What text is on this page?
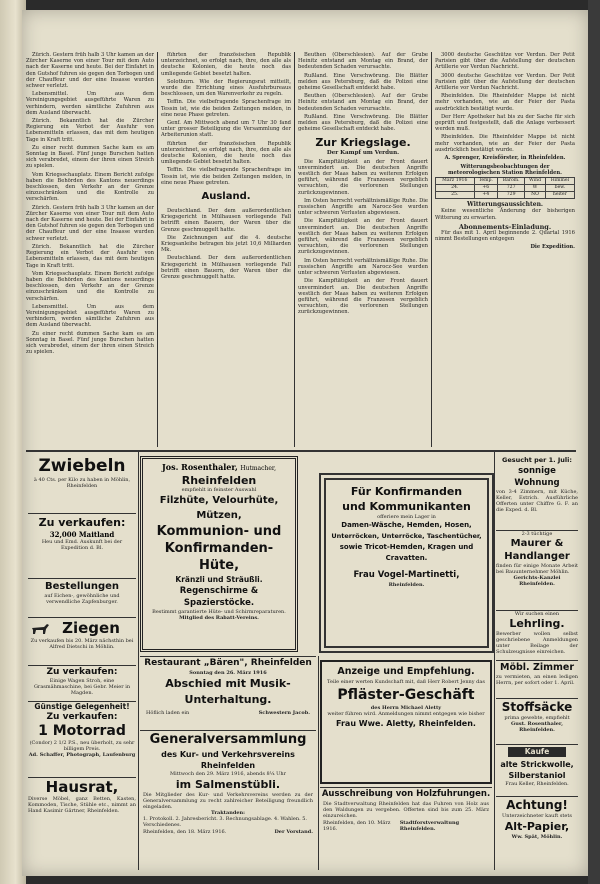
Zürich. Gestern früh halb 3 Uhr kamen an der Zürcher Kaserne von einer Tour mit dem Auto nach der Kaserne und heute. Bei der Einfahrt in den Gutshof fuhren sie gegen den Torbogen und der Chauffeur und der eine Insasse wurden schwer verletzt.

Lebensmittel. Um aus dem Vereinigungsgebiet ausgeführte Waren zu verhindern, werden sämtliche Zufuhren aus dem Ausland überwacht.

Zürich. Bekanntlich hat die Zürcher Regierung ein Verbot der Ausfuhr von Lebensmitteln erlassen, das mit dem heutigen Tage in Kraft tritt.

Zu einer recht dummen Sache kam es am Sonntag in Basel. Fünf junge Burschen hatten sich verabredet, einem der ihren einen Streich zu spielen.

Vom Kriegsschauplatz. Einem Bericht zufolge haben die Behörden des Kantons neuerdings beschlossen, den Verkehr an der Grenze einzuschränken und die Kontrolle zu verschärfen.

Zürich. Gestern früh halb 3 Uhr kamen an der Zürcher Kaserne von einer Tour mit dem Auto nach der Kaserne und heute. Bei der Einfahrt in den Gutshof fuhren sie gegen den Torbogen und der Chauffeur und der eine Insasse wurden schwer verletzt.

Zürich. Bekanntlich hat die Zürcher Regierung ein Verbot der Ausfuhr von Lebensmitteln erlassen, das mit dem heutigen Tage in Kraft tritt.

Vom Kriegsschauplatz. Einem Bericht zufolge haben die Behörden des Kantons neuerdings beschlossen, den Verkehr an der Grenze einzuschränken und die Kontrolle zu verschärfen.

Lebensmittel. Um aus dem Vereinigungsgebiet ausgeführte Waren zu verhindern, werden sämtliche Zufuhren aus dem Ausland überwacht.

Zu einer recht dummen Sache kam es am Sonntag in Basel. Fünf junge Burschen hatten sich verabredet, einem der ihren einen Streich zu spielen.

führten der französischen Republik unterzeichnet, so erfolgt nach, ihre, den alle als deutsche Kolonien, die heute noch das umliegende Gebiet besetzt halten.

Solothurn. Wie der Regierungsrat mitteilt, wurde die Errichtung eines Ausfuhrbureaus beschlossen, um den Warenverkehr zu regeln.

Teffin. Die vielbefragende Sprachenfrage im Tessin ist, wie die beiden Zeitungen melden, in eine neue Phase getreten.

Genf. Am Mittwoch abend um 7 Uhr 30 fand unter grosser Beteiligung die Versammlung der Arbeiterunion statt.

führten der französischen Republik unterzeichnet, so erfolgt nach, ihre, den alle als deutsche Kolonien, die heute noch das umliegende Gebiet besetzt halten.

Teffin. Die vielbefragende Sprachenfrage im Tessin ist, wie die beiden Zeitungen melden, in eine neue Phase getreten.

Ausland.

Deutschland. Der dem außerordentlichen Kriegsgericht in Mülhausen vorliegende Fall betrifft einen Bauern, der Waren über die Grenze geschmuggelt hatte.

Die Zeichnungen auf die 4. deutsche Kriegsanleihe betragen bis jetzt 10,6 Milliarden Mk.

Deutschland. Der dem außerordentlichen Kriegsgericht in Mülhausen vorliegende Fall betrifft einen Bauern, der Waren über die Grenze geschmuggelt hatte.

Beuthen (Oberschlesien). Auf der Grube Heinitz entstand am Montag ein Brand, der bedeutenden Schaden verursachte.

Rußland. Eine Verschwörung. Die Blätter melden aus Petersburg, daß die Polizei eine geheime Gesellschaft entdeckt habe.

Beuthen (Oberschlesien). Auf der Grube Heinitz entstand am Montag ein Brand, der bedeutenden Schaden verursachte.

Rußland. Eine Verschwörung. Die Blätter melden aus Petersburg, daß die Polizei eine geheime Gesellschaft entdeckt habe.

Zur Kriegslage.
Der Kampf um Verdun.

Die Kampftätigkeit an der Front dauert unvermindert an. Die deutschen Angriffe westlich der Maas haben zu weiteren Erfolgen geführt, während die Franzosen vergeblich versuchten, die verlorenen Stellungen zurückzugewinnen.

Im Osten herrscht verhältnismäßige Ruhe. Die russischen Angriffe am Narocz-See wurden unter schweren Verlusten abgewiesen.

Die Kampftätigkeit an der Front dauert unvermindert an. Die deutschen Angriffe westlich der Maas haben zu weiteren Erfolgen geführt, während die Franzosen vergeblich versuchten, die verlorenen Stellungen zurückzugewinnen.

Im Osten herrscht verhältnismäßige Ruhe. Die russischen Angriffe am Narocz-See wurden unter schweren Verlusten abgewiesen.

Die Kampftätigkeit an der Front dauert unvermindert an. Die deutschen Angriffe westlich der Maas haben zu weiteren Erfolgen geführt, während die Franzosen vergeblich versuchten, die verlorenen Stellungen zurückzugewinnen.

3000 deutsche Geschütze vor Verdun. Der Petit Parisien gibt über die Aufstellung der deutschen Artillerie vor Verdun Nachricht.

3000 deutsche Geschütze vor Verdun. Der Petit Parisien gibt über die Aufstellung der deutschen Artillerie vor Verdun Nachricht.

Rheinfelden. Die Rheinfelder Mappe ist nicht mehr vorhanden, wie an der Feier der Pasta ausdrücklich bestätigt wurde.

Der Herr Apotheker hat bis zu der Sache für sich geprüft und festgestellt, daß die Anlage verbessert werden muß.

Rheinfelden. Die Rheinfelder Mappe ist nicht mehr vorhanden, wie an der Feier der Pasta ausdrücklich bestätigt wurde.

A. Sprenger, Kreisförster, in Rheinfelden.
Witterungsbeobachtungen der meteorologischen Station Rheinfelden.
März 1916	Temp.	Barom.	Wind	Himmel
24.	+6	727	W	bew.
25.	+4	729	NO	heiter
Witterungsaussichten.

Keine wesentliche Änderung der bisherigen Witterung zu erwarten.

Abonnements-Einladung.

Für das mit 1. April beginnende 2. Quartal 1916 nimmt Bestellungen entgegen

Die Expedition.
Zwiebeln
à 40 Cts. per Kilo zu haben in Möhlin, Rheinfelden
Zu verkaufen:
32,000 Maitland
Heu und Emd. Auskunft bei der Expedition d. Bl.
Bestellungen
auf Eichen-, gewöhnliche und verwendliche Zapfenburger.
Ziegen
Zu verkaufen bis 20. März nächsthin bei Alfred Dietschi in Möhlin.
Zu verkaufen:
Einige Wagen Stroh, eine Grasmähmaschine, bei Gebr. Meier in Magden.
Günstige Gelegenheit!
Zu verkaufen:
1 Motorrad
(Condor) 2 1/2 P.S., neu überholt, zu sehr billigem Preis.
Ad. Schaffer, Photograph, Laufenburg
Hausrat,
Diverse Möbel, ganz Betten, Kasten, Kommoden, Tische, Stühle etc., nimmt an Hand Kasimir Gärtner, Rheinfelden.
Jos. Rosenthaler, Hutmacher,
Rheinfelden
empfiehlt in feinster Auswahl
Filzhüte, Velourhüte, Mützen,
Kommunion- und
Konfirmanden-Hüte,
Kränzli und Sträußli.
Regenschirme & Spazierstöcke.
Bestimmt garantierte Hüte- und Schirmreparaturen.
Mitglied des Rabatt-Vereins.
Restaurant „Bären", Rheinfelden
Sonntag den 26. März 1916
Abschied mit Musik-Unterhaltung.
Höflich laden ein	Schwestern Jacob.
Generalversammlung
des Kur- und Verkehrsvereins Rheinfelden
Mittwoch den 29. März 1916, abends 8¼ Uhr
im Salmenstübli.
Die Mitglieder des Kur- und Verkehrsvereins werden zu der Generalversammlung zu recht zahlreicher Beteiligung freundlich eingeladen.
Traktanden:
1. Protokoll. 2. Jahresbericht. 3. Rechnungsablage. 4. Wahlen. 5. Verschiedenes.
Rheinfelden, den 18. März 1916.	Der Vorstand.
Für Konfirmanden
und Kommunikanten
offeriere mein Lager in
Damen-Wäsche, Hemden, Hosen,
Unterröcken, Unterröcke, Taschentücher,
sowie Tricot-Hemden, Kragen und
Cravatten.
Frau Vogel-Martinetti,
Rheinfelden.
Anzeige und Empfehlung.
Teile einer werten Kundschaft mit, daß Herr Robert Jenny das
Pfläster-Geschäft
des Herrn Michael Aletty
weiter führen wird. Anmeldungen nimmt entgegen wie bisher
Frau Wwe. Aletty, Rheinfelden.
Ausschreibung von Holzfuhrungen.
Die Stadtverwaltung Rheinfelden hat das Fuhren von Holz aus den Waldungen zu vergeben. Offerten sind bis zum 25. März einzureichen.
Rheinfelden, den 10. März 1916.
Stadtforstverwaltung Rheinfelden.
Gesucht per 1. Juli:
sonnige Wohnung
von 3-4 Zimmern, mit Küche, Keller, Estrich. Ausführliche Offerten unter Chiffre G. F. an die Exped. d. Bl.
2-3 tüchtige
Maurer &
Handlanger
finden für einige Monate Arbeit bei Bauunternehmer Möhlin.
Gerichts-Kanzlei Rheinfelden.
Wir suchen einen
Lehrling.
Bewerber wollen selbst geschriebene Anmeldungen unter Beilage der Schulzeugnisse einreichen.
Möbl. Zimmer
zu vermieten, an einen ledigen Herrn, per sofort oder 1. April.
Stoffsäcke
prima gewebte, empfiehlt
Gust. Rosenthaler, Rheinfelden.
Kaufe
alte Strickwolle,
Silberstaniol
Frau Keller, Rheinfelden.
Achtung!
Unterzeichneter kauft stets
Alt-Papier,
Ww. Spät, Möhlin.
